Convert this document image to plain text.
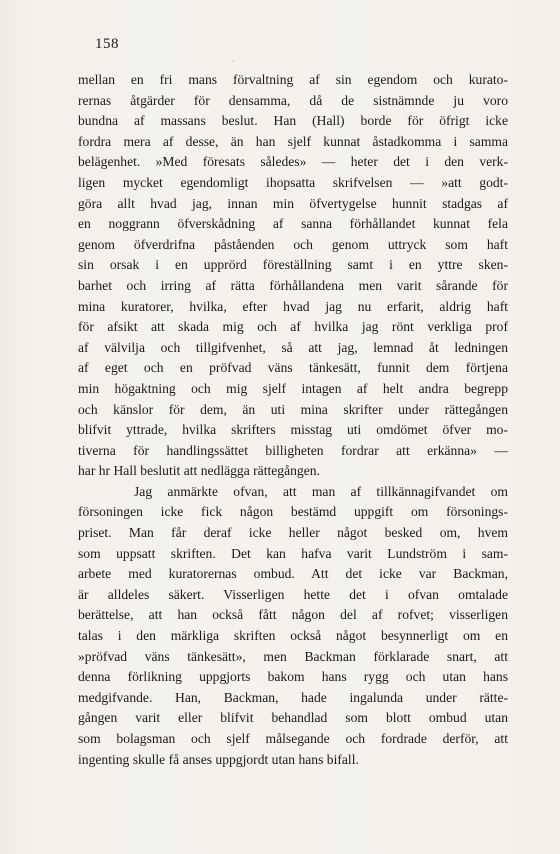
158
mellan en fri mans förvaltning af sin egendom och kurato-
rernas åtgärder för densamma, då de sistnämnde ju voro
bundna af massans beslut. Han (Hall) borde för öfrigt icke
fordra mera af desse, än han sjelf kunnat åstadkomma i samma
belägenhet. »Med föresats således» — heter det i den verk-
ligen mycket egendomligt ihopsatta skrifvelsen — »att godt-
göra allt hvad jag, innan min öfvertygelse hunnit stadgas af
en noggrann öfverskådning af sanna förhållandet kunnat fela
genom öfverdrifna påståenden och genom uttryck som haft
sin orsak i en upprörd föreställning samt i en yttre sken-
barhet och irring af rätta förhållandena men varit sårande för
mina kuratorer, hvilka, efter hvad jag nu erfarit, aldrig haft
för afsikt att skada mig och af hvilka jag rönt verkliga prof
af välvilja och tillgifvenhet, så att jag, lemnad åt ledningen
af eget och en pröfvad väns tänkesätt, funnit dem förtjena
min högaktning och mig sjelf intagen af helt andra begrepp
och känslor för dem, än uti mina skrifter under rättegången
blifvit yttrade, hvilka skrifters misstag uti omdömet öfver mo-
tiverna för handlingssättet billigheten fordrar att erkänna» —
har hr Hall beslutit att nedlägga rättegången.
Jag anmärkte ofvan, att man af tillkännagifvandet om
försoningen icke fick någon bestämd uppgift om försonings-
priset. Man får deraf icke heller något besked om, hvem
som uppsatt skriften. Det kan hafva varit Lundström i sam-
arbete med kuratorernas ombud. Att det icke var Backman,
är alldeles säkert. Visserligen hette det i ofvan omtalade
berättelse, att han också fått någon del af rofvet; visserligen
talas i den märkliga skriften också något besynnerligt om en
»pröfvad väns tänkesätt», men Backman förklarade snart, att
denna förlikning uppgjorts bakom hans rygg och utan hans
medgifvande. Han, Backman, hade ingalunda under rätte-
gången varit eller blifvit behandlad som blott ombud utan
som bolagsman och sjelf målsegande och fordrade derför, att
ingenting skulle få anses uppgjordt utan hans bifall.
